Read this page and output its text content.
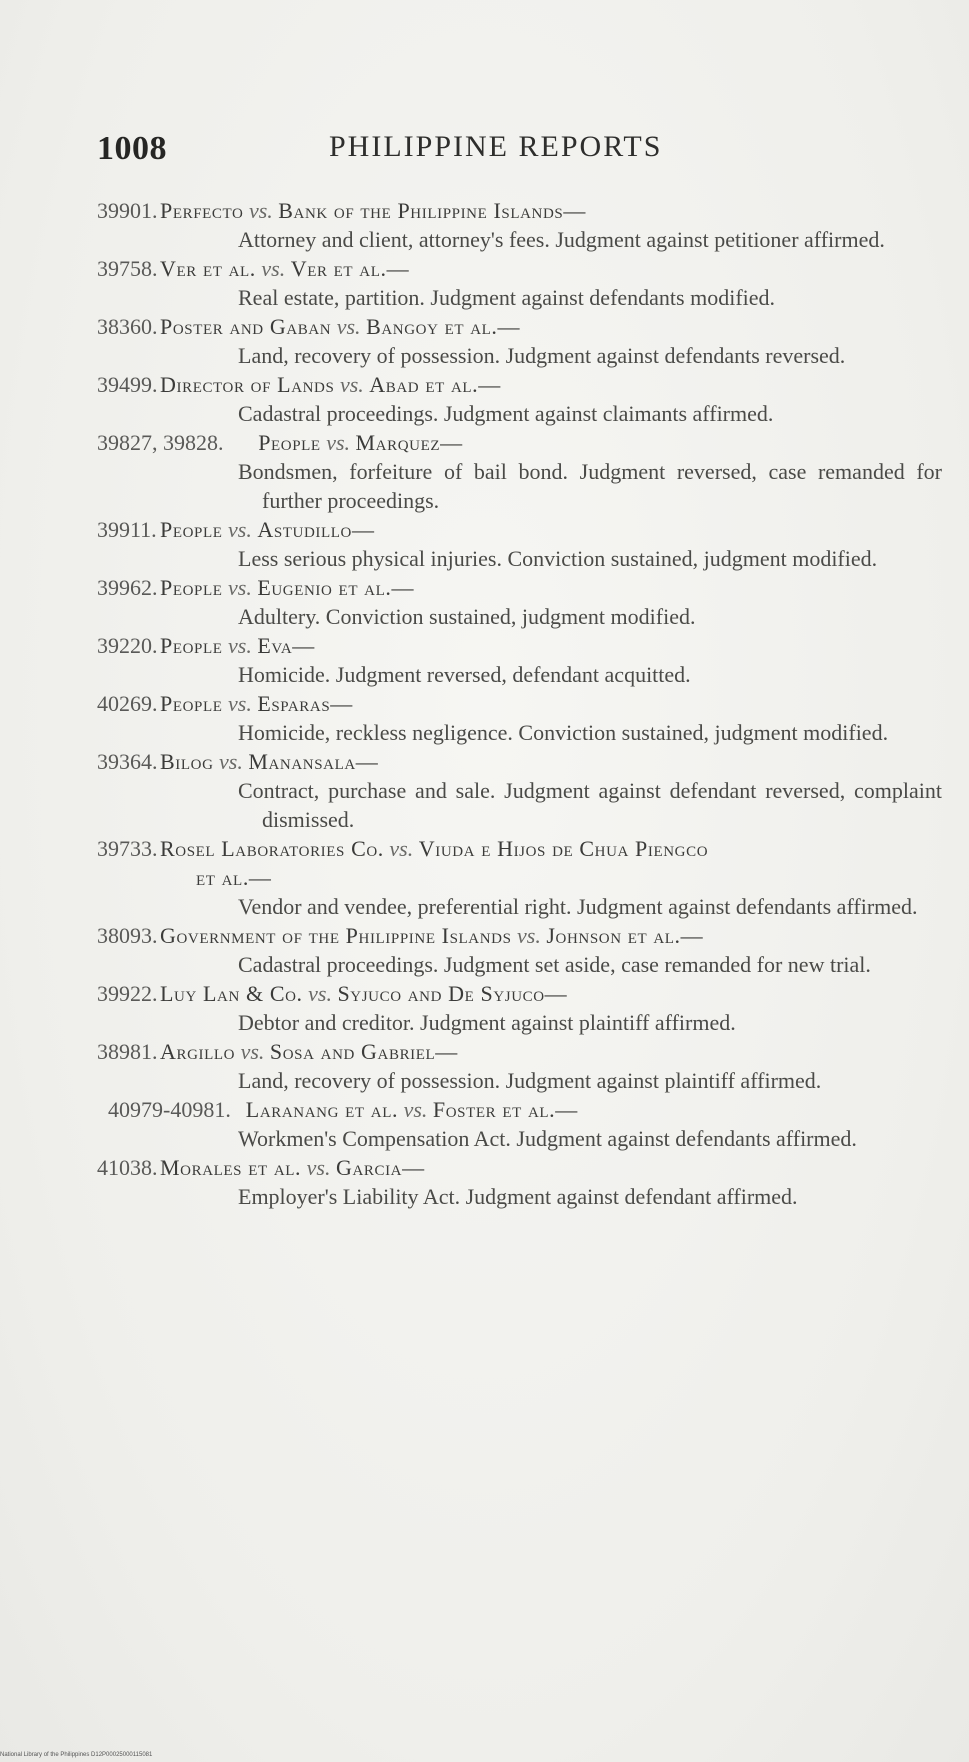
1008	PHILIPPINE REPORTS
39901. Perfecto vs. Bank of the Philippine Islands—
Attorney and client, attorney's fees. Judgment against petitioner affirmed.
39758. Ver et al. vs. Ver et al.—
Real estate, partition. Judgment against defendants modified.
38360. Poster and Gaban vs. Bangoy et al.—
Land, recovery of possession. Judgment against defendants reversed.
39499. Director of Lands vs. Abad et al.—
Cadastral proceedings. Judgment against claimants affirmed.
39827, 39828. People vs. Marquez—
Bondsmen, forfeiture of bail bond. Judgment reversed, case remanded for further proceedings.
39911. People vs. Astudillo—
Less serious physical injuries. Conviction sustained, judgment modified.
39962. People vs. Eugenio et al.—
Adultery. Conviction sustained, judgment modified.
39220. People vs. Eva—
Homicide. Judgment reversed, defendant acquitted.
40269. People vs. Esparas—
Homicide, reckless negligence. Conviction sustained, judgment modified.
39364. Bilog vs. Manansala—
Contract, purchase and sale. Judgment against defendant reversed, complaint dismissed.
39733. Rosel Laboratories Co. vs. Viuda e Hijos de Chua Piengco
et al.—
Vendor and vendee, preferential right. Judgment against defendants affirmed.
38093. Government of the Philippine Islands vs. Johnson et al.—
Cadastral proceedings. Judgment set aside, case remanded for new trial.
39922. Luy Lan & Co. vs. Syjuco and De Syjuco—
Debtor and creditor. Judgment against plaintiff affirmed.
38981. Argillo vs. Sosa and Gabriel—
Land, recovery of possession. Judgment against plaintiff affirmed.
40979-40981. Laranang et al. vs. Foster et al.—
Workmen's Compensation Act. Judgment against defendants affirmed.
41038. Morales et al. vs. Garcia—
Employer's Liability Act. Judgment against defendant affirmed.
National Library of the Philippines D12P00025000115081
